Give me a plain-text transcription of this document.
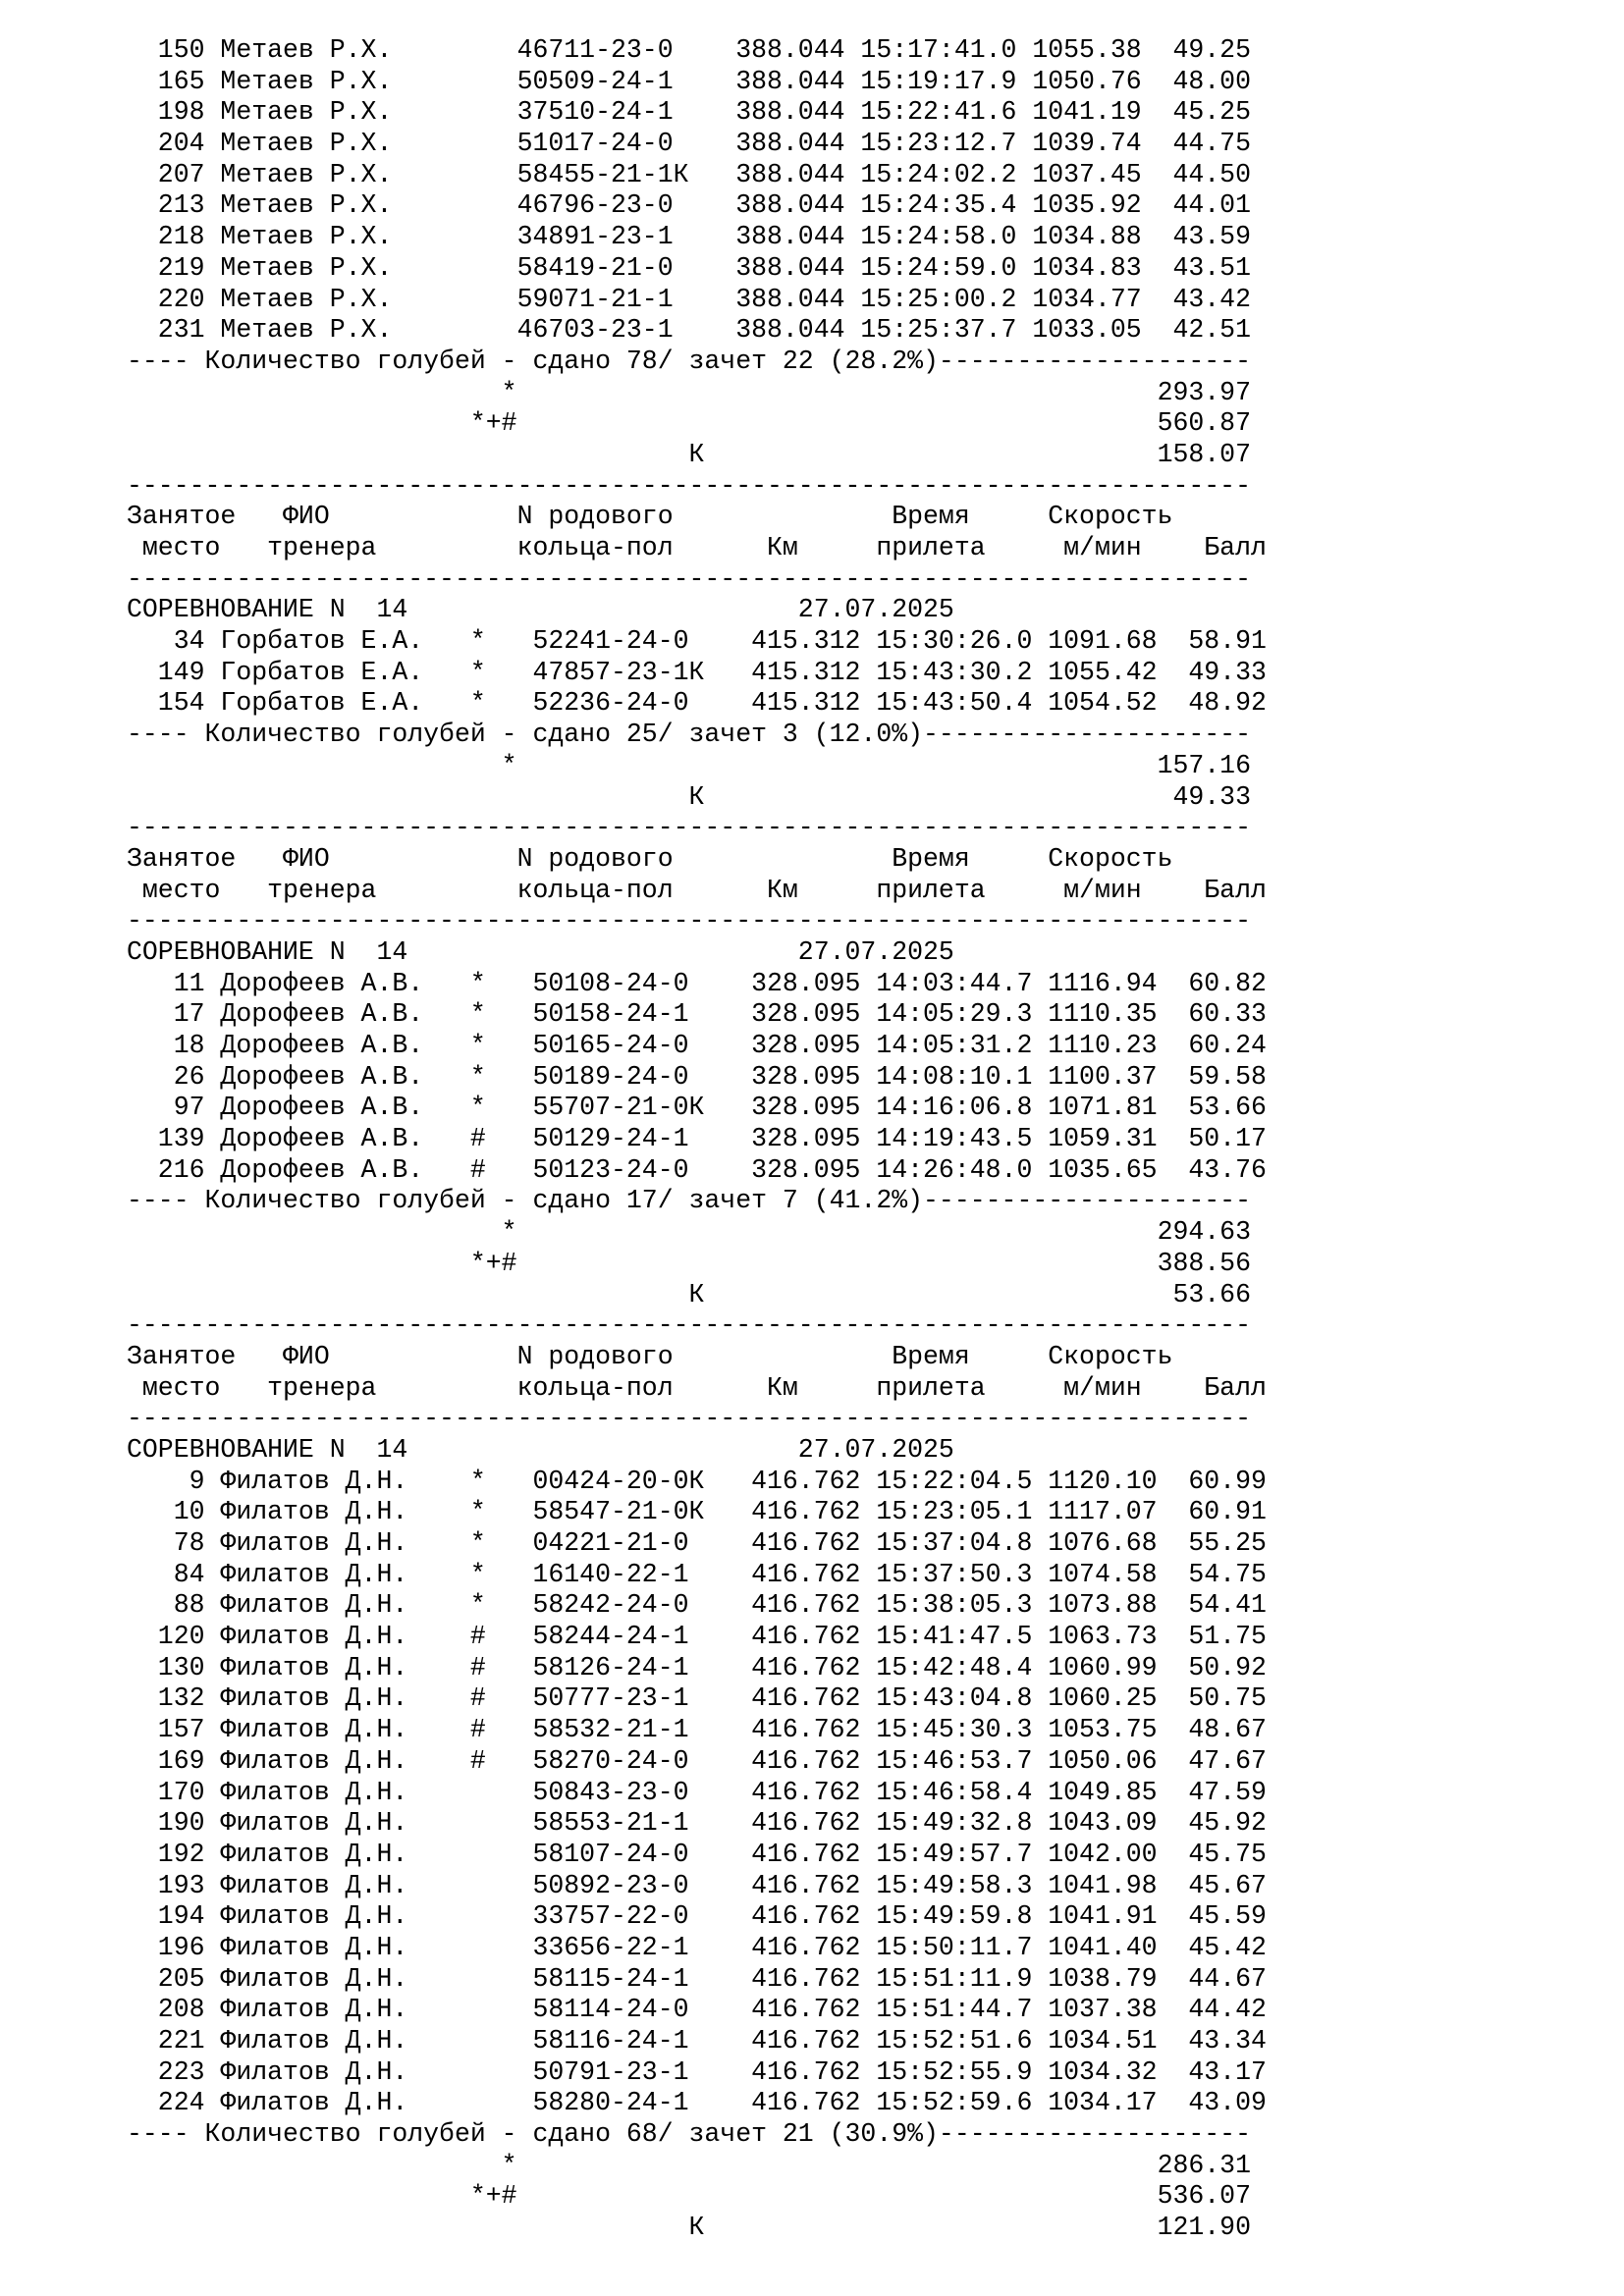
150 Метаев Р.Х.        46711-23-0    388.044 15:17:41.0 1055.38  49.25
165 Метаев Р.Х.        50509-24-1    388.044 15:19:17.9 1050.76  48.00
198 Метаев Р.Х.        37510-24-1    388.044 15:22:41.6 1041.19  45.25
204 Метаев Р.Х.        51017-24-0    388.044 15:23:12.7 1039.74  44.75
207 Метаев Р.Х.        58455-21-1К   388.044 15:24:02.2 1037.45  44.50
213 Метаев Р.Х.        46796-23-0    388.044 15:24:35.4 1035.92  44.01
218 Метаев Р.Х.        34891-23-1    388.044 15:24:58.0 1034.88  43.59
219 Метаев Р.Х.        58419-21-0    388.044 15:24:59.0 1034.83  43.51
220 Метаев Р.Х.        59071-21-1    388.044 15:25:00.2 1034.77  43.42
231 Метаев Р.Х.        46703-23-1    388.044 15:25:37.7 1033.05  42.51
---- Количество голубей - сдано 78/ зачет 22 (28.2%)--------------------
*                                         293.97
*+#                                         560.87
К                             158.07
------------------------------------------------------------------------
Занятое   ФИО            N родового              Время     Скорость
место   тренера         кольца-пол      Км     прилета     м/мин    Балл
------------------------------------------------------------------------
СОРЕВНОВАНИЕ N  14                         27.07.2025
34 Горбатов Е.А.   *   52241-24-0    415.312 15:30:26.0 1091.68  58.91
149 Горбатов Е.А.   *   47857-23-1К   415.312 15:43:30.2 1055.42  49.33
154 Горбатов Е.А.   *   52236-24-0    415.312 15:43:50.4 1054.52  48.92
---- Количество голубей - сдано 25/ зачет 3 (12.0%)---------------------
*                                         157.16
К                              49.33
------------------------------------------------------------------------
Занятое   ФИО            N родового              Время     Скорость
место   тренера         кольца-пол      Км     прилета     м/мин    Балл
------------------------------------------------------------------------
СОРЕВНОВАНИЕ N  14                         27.07.2025
11 Дорофеев А.В.   *   50108-24-0    328.095 14:03:44.7 1116.94  60.82
17 Дорофеев А.В.   *   50158-24-1    328.095 14:05:29.3 1110.35  60.33
18 Дорофеев А.В.   *   50165-24-0    328.095 14:05:31.2 1110.23  60.24
26 Дорофеев А.В.   *   50189-24-0    328.095 14:08:10.1 1100.37  59.58
97 Дорофеев А.В.   *   55707-21-0К   328.095 14:16:06.8 1071.81  53.66
139 Дорофеев А.В.   #   50129-24-1    328.095 14:19:43.5 1059.31  50.17
216 Дорофеев А.В.   #   50123-24-0    328.095 14:26:48.0 1035.65  43.76
---- Количество голубей - сдано 17/ зачет 7 (41.2%)---------------------
*                                         294.63
*+#                                         388.56
К                              53.66
------------------------------------------------------------------------
Занятое   ФИО            N родового              Время     Скорость
место   тренера         кольца-пол      Км     прилета     м/мин    Балл
------------------------------------------------------------------------
СОРЕВНОВАНИЕ N  14                         27.07.2025
9 Филатов Д.Н.    *   00424-20-0К   416.762 15:22:04.5 1120.10  60.99
10 Филатов Д.Н.    *   58547-21-0К   416.762 15:23:05.1 1117.07  60.91
78 Филатов Д.Н.    *   04221-21-0    416.762 15:37:04.8 1076.68  55.25
84 Филатов Д.Н.    *   16140-22-1    416.762 15:37:50.3 1074.58  54.75
88 Филатов Д.Н.    *   58242-24-0    416.762 15:38:05.3 1073.88  54.41
120 Филатов Д.Н.    #   58244-24-1    416.762 15:41:47.5 1063.73  51.75
130 Филатов Д.Н.    #   58126-24-1    416.762 15:42:48.4 1060.99  50.92
132 Филатов Д.Н.    #   50777-23-1    416.762 15:43:04.8 1060.25  50.75
157 Филатов Д.Н.    #   58532-21-1    416.762 15:45:30.3 1053.75  48.67
169 Филатов Д.Н.    #   58270-24-0    416.762 15:46:53.7 1050.06  47.67
170 Филатов Д.Н.        50843-23-0    416.762 15:46:58.4 1049.85  47.59
190 Филатов Д.Н.        58553-21-1    416.762 15:49:32.8 1043.09  45.92
192 Филатов Д.Н.        58107-24-0    416.762 15:49:57.7 1042.00  45.75
193 Филатов Д.Н.        50892-23-0    416.762 15:49:58.3 1041.98  45.67
194 Филатов Д.Н.        33757-22-0    416.762 15:49:59.8 1041.91  45.59
196 Филатов Д.Н.        33656-22-1    416.762 15:50:11.7 1041.40  45.42
205 Филатов Д.Н.        58115-24-1    416.762 15:51:11.9 1038.79  44.67
208 Филатов Д.Н.        58114-24-0    416.762 15:51:44.7 1037.38  44.42
221 Филатов Д.Н.        58116-24-1    416.762 15:52:51.6 1034.51  43.34
223 Филатов Д.Н.        50791-23-1    416.762 15:52:55.9 1034.32  43.17
224 Филатов Д.Н.        58280-24-1    416.762 15:52:59.6 1034.17  43.09
---- Количество голубей - сдано 68/ зачет 21 (30.9%)--------------------
*                                         286.31
*+#                                         536.07
К                             121.90
